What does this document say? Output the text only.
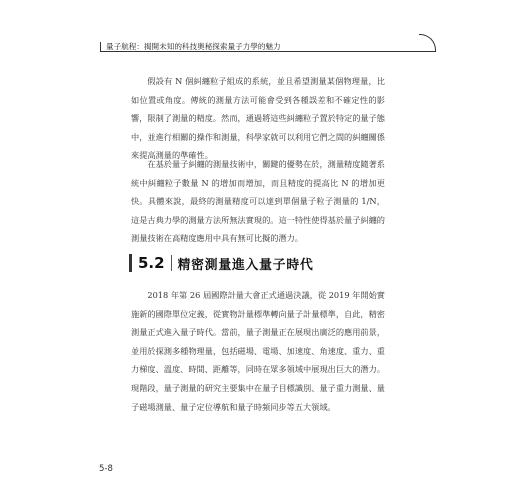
量子航程：揭開未知的科技奧秘探索量子力學的魅力

假設有 N 個糾纏粒子組成的系統，並且希望測量某個物理量，比如位置或角度。傳統的測量方法可能會受到各種誤差和不確定性的影響，限制了測量的精度。然而，通過將這些糾纏粒子置於特定的量子態中，並進行相關的操作和測量，科學家就可以利用它們之間的糾纏關係來提高測量的準確性。

在基於量子糾纏的測量技術中，關鍵的優勢在於，測量精度隨著系統中糾纏粒子數量 N 的增加而增加，而且精度的提高比 N 的增加更快。具體來說，最終的測量精度可以達到單個量子粒子測量的 1/N，這是古典力學的測量方法所無法實現的。這一特性使得基於量子糾纏的測量技術在高精度應用中具有無可比擬的潛力。

5.2 精密測量進入量子時代

2018 年第 26 屆國際計量大會正式通過決議，從 2019 年開始實施新的國際單位定義，從實物計量標準轉向量子計量標準，自此，精密測量正式進入量子時代。當前，量子測量正在展現出廣泛的應用前景，並用於探測多種物理量，包括磁場、電場、加速度、角速度、重力、重力梯度、溫度、時間、距離等，同時在眾多領域中展現出巨大的潛力。現階段，量子測量的研究主要集中在量子目標識別、量子重力測量、量子磁場測量、量子定位導航和量子時頻同步等五大領域。

5-8
